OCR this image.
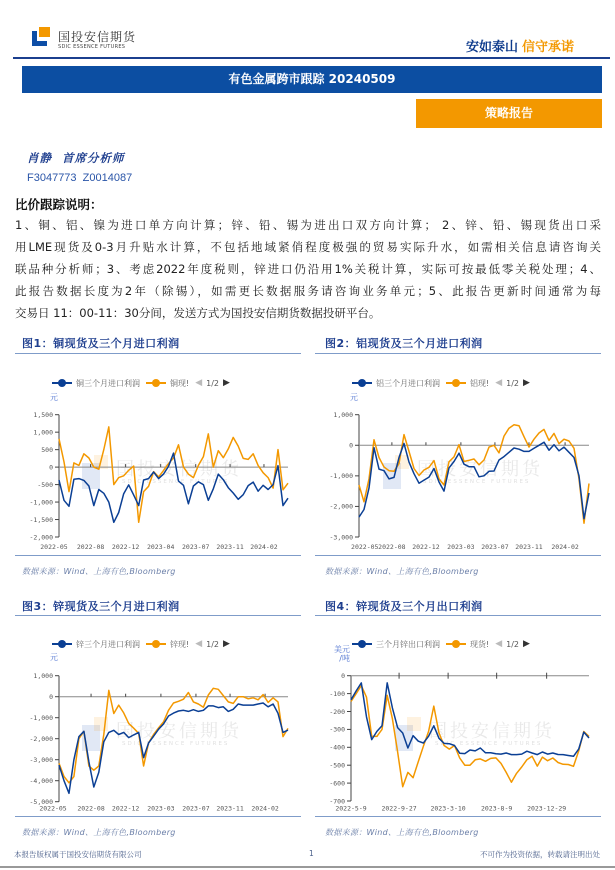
国投安信期货
SDIC ESSENCE FUTURES	安如泰山 信守承诺
有色金属跨市跟踪 20240509
策略报告
肖静  首席分析师
F3047773  Z0014087
比价跟踪说明：
1、铜、铝、镍为进口单方向计算；锌、铅、锡为进出口双方向计算； 2、锌、铅、锡现货出口采
用LME现货及0-3月升贴水计算，不包括地域紧俏程度极强的贸易实际升水，如需相关信息请咨询关
联品种分析师；3、考虑2022年度税则，锌进口仍沿用1%关税计算，实际可按最低零关税处理；4、
此报告数据长度为2年（除锡），如需更长数据服务请咨询业务单元；5、此报告更新时间通常为每
交易日 11：00-11：30分间，发送方式为国投安信期货数据投研平台。
图1：铜现货及三个月进口利润
铜三个月进口利润	铜现! ◀ 1/2 ▶
元
国投安信期货
SDIC ESSENCE FUTURES
1,500
1,000
500
0
-500
-1,000
-1,500
-2,000
2022-05 2022-08 2022-12 2023-04 2023-07 2023-11 2024-02
数据来源：Wind、上海有色,Bloomberg
图2：铝现货及三个月进口利润
铝三个月进口利润	铝现! ◀ 1/2 ▶
元
国投安信期货
SDIC ESSENCE FUTURES
1,000
0
-1,000
-2,000
-3,000
2022-05 2022-08 2022-12 2023-03 2023-07 2023-11 2024-02
数据来源：Wind、上海有色,Bloomberg
图3：锌现货及三个月进口利润
锌三个月进口利润	锌现! ◀ 1/2 ▶
元
国投安信期货
SDIC ESSENCE FUTURES
1,000
0
-1,000
-2,000
-3,000
-4,000
-5,000
2022-05 2022-08 2022-12 2023-03 2023-07 2023-11 2024-02
数据来源：Wind、上海有色,Bloomberg
图4：锌现货及三个月出口利润
三个月锌出口利润	现货! ◀ 1/2 ▶
美元
/吨
国投安信期货
SDIC ESSENCE FUTURES
0
-100
-200
-300
-400
-500
-600
-700
2022-5-9 2022-9-27 2023-3-10 2023-8-9 2023-12-29
数据来源：Wind、上海有色,Bloomberg
本报告版权属于国投安信期货有限公司	1	不可作为投资依据，转载请注明出处
